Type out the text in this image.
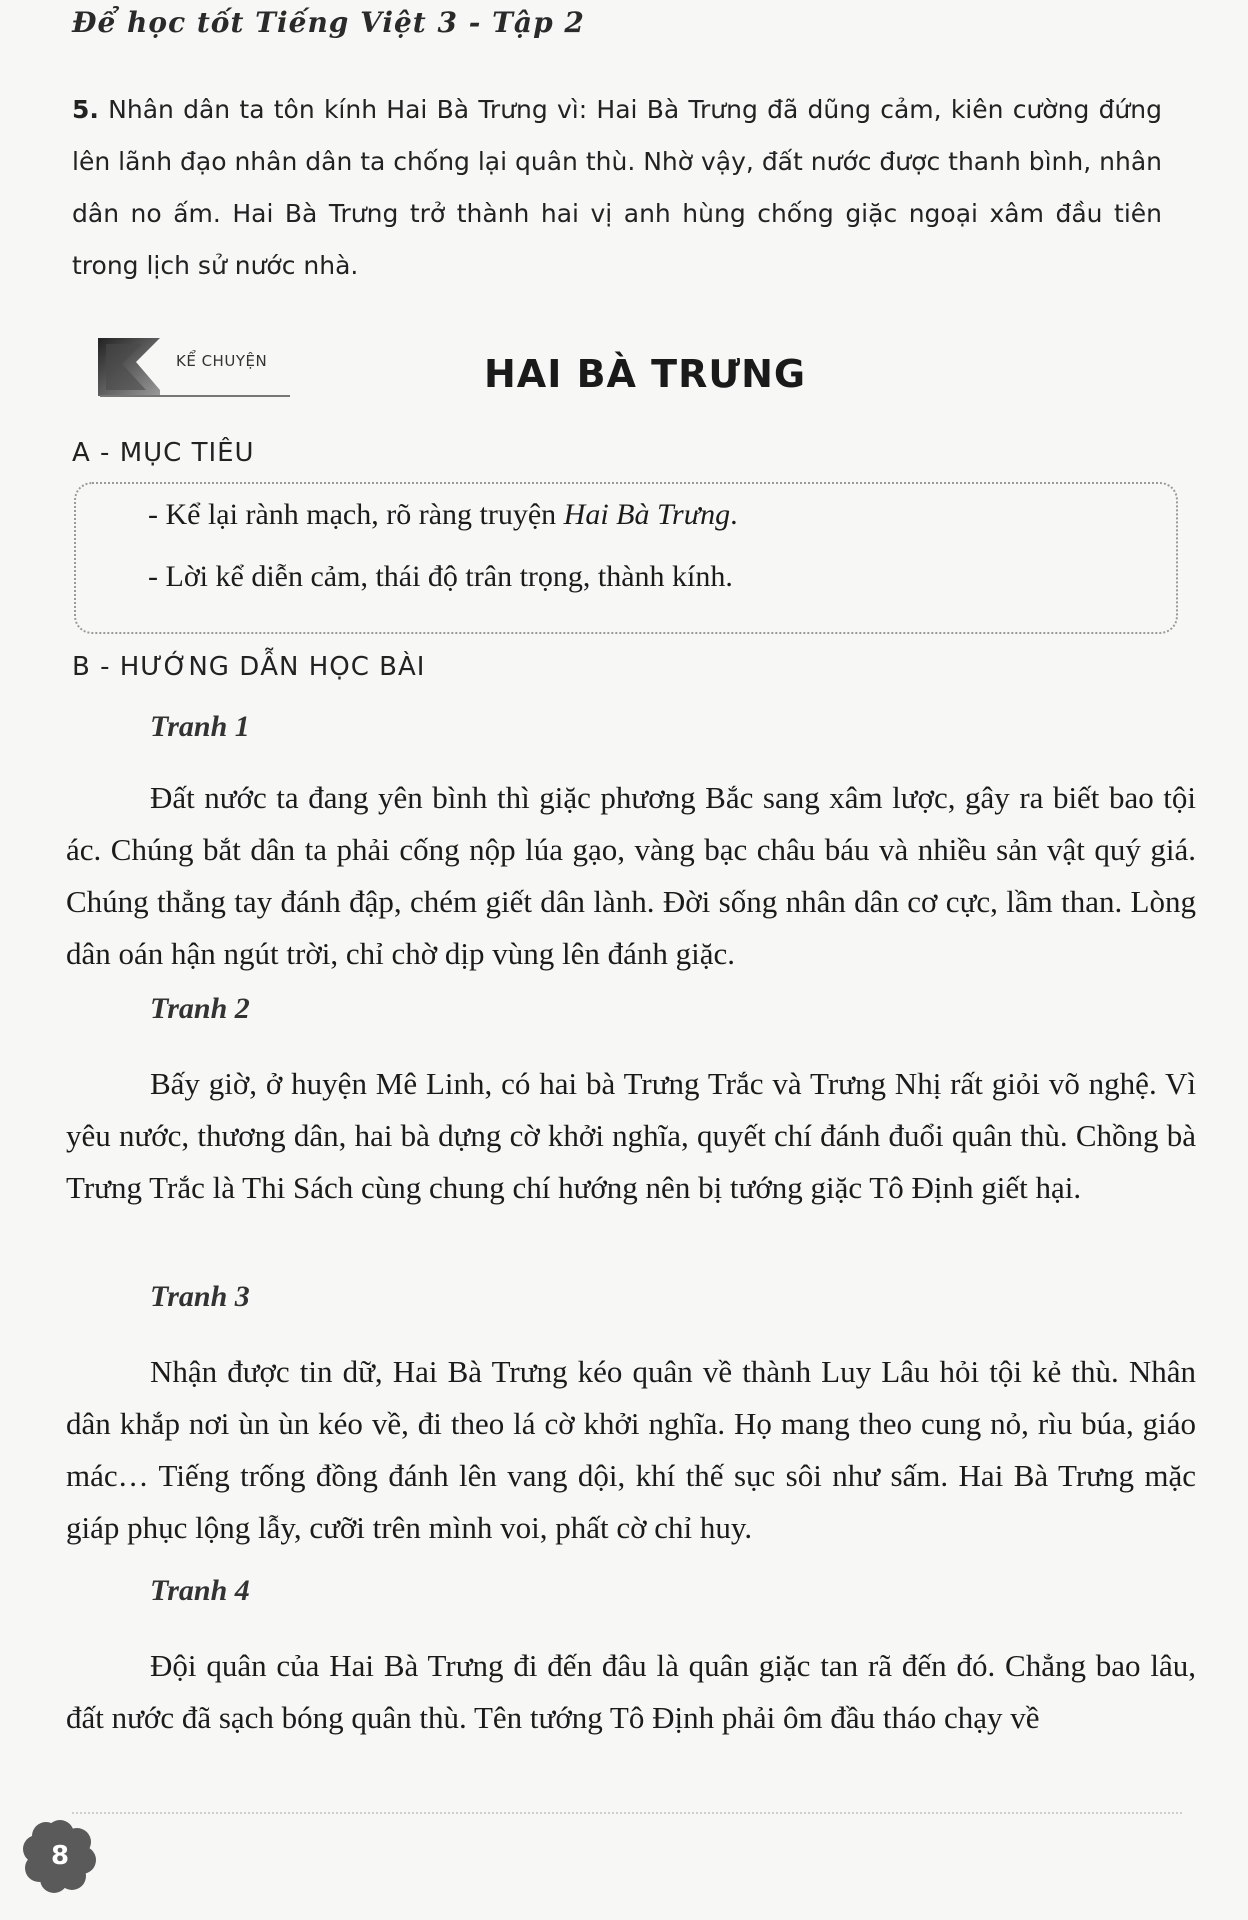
Để học tốt Tiếng Việt 3 - Tập 2
5. Nhân dân ta tôn kính Hai Bà Trưng vì: Hai Bà Trưng đã dũng cảm, kiên cường đứng lên lãnh đạo nhân dân ta chống lại quân thù. Nhờ vậy, đất nước được thanh bình, nhân dân no ấm. Hai Bà Trưng trở thành hai vị anh hùng chống giặc ngoại xâm đầu tiên trong lịch sử nước nhà.
KỂ CHUYỆN	HAI BÀ TRƯNG
A - MỤC TIÊU
- Kể lại rành mạch, rõ ràng truyện Hai Bà Trưng.
- Lời kể diễn cảm, thái độ trân trọng, thành kính.
B - HƯỚNG DẪN HỌC BÀI
Tranh 1
Đất nước ta đang yên bình thì giặc phương Bắc sang xâm lược, gây ra biết bao tội ác. Chúng bắt dân ta phải cống nộp lúa gạo, vàng bạc châu báu và nhiều sản vật quý giá. Chúng thẳng tay đánh đập, chém giết dân lành. Đời sống nhân dân cơ cực, lầm than. Lòng dân oán hận ngút trời, chỉ chờ dịp vùng lên đánh giặc.
Tranh 2
Bấy giờ, ở huyện Mê Linh, có hai bà Trưng Trắc và Trưng Nhị rất giỏi võ nghệ. Vì yêu nước, thương dân, hai bà dựng cờ khởi nghĩa, quyết chí đánh đuổi quân thù. Chồng bà Trưng Trắc là Thi Sách cùng chung chí hướng nên bị tướng giặc Tô Định giết hại.
Tranh 3
Nhận được tin dữ, Hai Bà Trưng kéo quân về thành Luy Lâu hỏi tội kẻ thù. Nhân dân khắp nơi ùn ùn kéo về, đi theo lá cờ khởi nghĩa. Họ mang theo cung nỏ, rìu búa, giáo mác… Tiếng trống đồng đánh lên vang dội, khí thế sục sôi như sấm. Hai Bà Trưng mặc giáp phục lộng lẫy, cưỡi trên mình voi, phất cờ chỉ huy.
Tranh 4
Đội quân của Hai Bà Trưng đi đến đâu là quân giặc tan rã đến đó. Chẳng bao lâu, đất nước đã sạch bóng quân thù. Tên tướng Tô Định phải ôm đầu tháo chạy về
8
